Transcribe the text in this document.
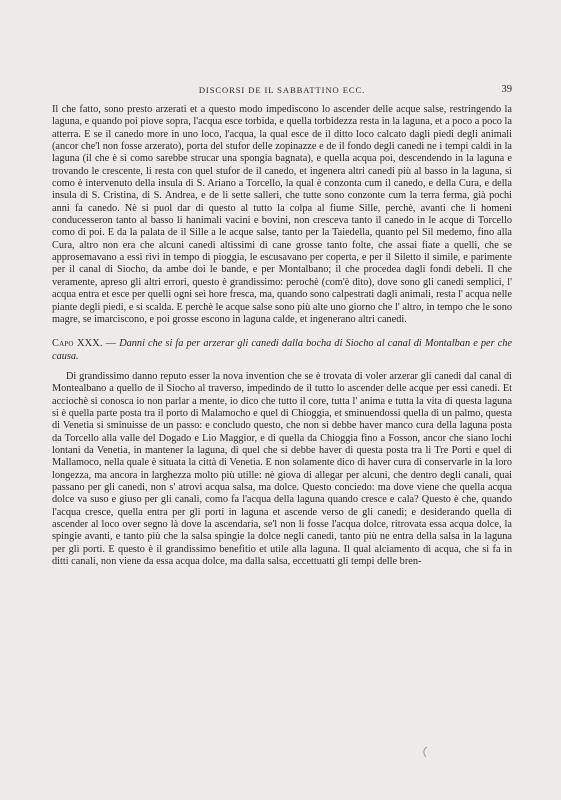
DISCORSI DE IL SABBATTINO ECC.	39

Il che fatto, sono presto arzerati et a questo modo impediscono lo ascender delle acque salse, restringendo la laguna, e quando poi piove sopra, l'acqua esce torbida, e quella torbidezza resta in la laguna, et a poco a poco la atterra. E se il canedo more in uno loco, l'acqua, la qual esce de il ditto loco calcato dagli piedi degli animali (ancor che'l non fosse arzerato), porta del stufor delle zopinazze e de il fondo degli canedi ne i tempi caldi in la laguna (il che è sì como sarebbe strucar una spongia bagnata), e quella acqua poi, descendendo in la laguna e trovando le crescente, li resta con quel stufor de il canedo, et ingenera altri canedi più al basso in la laguna, sì como è intervenuto della insula di S. Ariano a Torcello, la qual è conzonta cum il canedo, e della Cura, e della insula di S. Cristina, di S. Andrea, e de li sette salleri, che tutte sono conzonte cum la terra ferma, già pochi anni fa canedo. Nè si puol dar di questo al tutto la colpa al fiume Sille, perchè, avanti che li homeni conducesseron tanto al basso li hanimali vacini e bovini, non cresceva tanto il canedo in le acque di Torcello como di poi. E da la palata de il Sille a le acque salse, tanto per la Taiedella, quanto pel Sil medemo, fino alla Cura, altro non era che alcuni canedi altissimi di cane grosse tanto folte, che assai fiate a quelli, che se approsemavano a essi rivi in tempo di pioggia, le escusavano per coperta, e per il Siletto il simile, e parimente per il canal di Siocho, da ambe doi le bande, e per Montalbano; il che procedea dagli fondi debeli. Il che veramente, apreso gli altri errori, questo è grandissimo: perochè (com'è dito), dove sono gli canedi semplici, l' acqua entra et esce per quelli ogni sei hore fresca, ma, quando sono calpestrati dagli animali, resta l' acqua nelle piante degli piedi, e si scalda. E perchè le acque salse sono più alte uno giorno che l' altro, in tempo che le sono magre, se imarciscono, e poi grosse escono in laguna calde, et ingenerano altri canedi.

Capo XXX. — Danni che si fa per arzerar gli canedi dalla bocha di Siocho al canal di Montalban e per che causa.

Di grandissimo danno reputo esser la nova invention che se è trovata di voler arzerar gli canedi dal canal di Montealbano a quello de il Siocho al traverso, impedindo de il tutto lo ascender delle acque per essi canedi. Et acciochè si conosca io non parlar a mente, io dico che tutto il core, tutta l' anima e tutta la vita di questa laguna si è quella parte posta tra il porto di Malamocho e quel di Chioggia, et sminuendossi quella di un palmo, questa di Venetia si sminuisse de un passo: e concludo questo, che non si debbe haver manco cura della laguna posta da Torcello alla valle del Dogado e Lio Maggior, e di quella da Chioggia fino a Fosson, ancor che siano lochi lontani da Venetia, in mantener la laguna, di quel che si debbe haver di questa posta tra li Tre Porti e quel di Mallamoco, nella quale è situata la città di Venetia. E non solamente dico di haver cura di conservarle in la loro longezza, ma ancora in larghezza molto più utille: nè giova di allegar per alcuni, che dentro degli canali, quai passano per gli canedi, non s' atrovi acqua salsa, ma dolce. Questo conciedo: ma dove viene che quella acqua dolce va suso e giuso per gli canali, como fa l'acqua della laguna quando cresce e cala? Questo è che, quando l'acqua cresce, quella entra per gli porti in laguna et ascende verso de gli canedi; e desiderando quella di ascender al loco over segno là dove la ascendaria, se'l non li fosse l'acqua dolce, ritrovata essa acqua dolce, la spingie avanti, e tanto più che la salsa spingie la dolce negli canedi, tanto più ne entra della salsa in la laguna per gli porti. E questo è il grandissimo benefitio et utile alla laguna. Il qual alciamento di acqua, che si fa in ditti canali, non viene da essa acqua dolce, ma dalla salsa, eccettuatti gli tempi delle bren-
